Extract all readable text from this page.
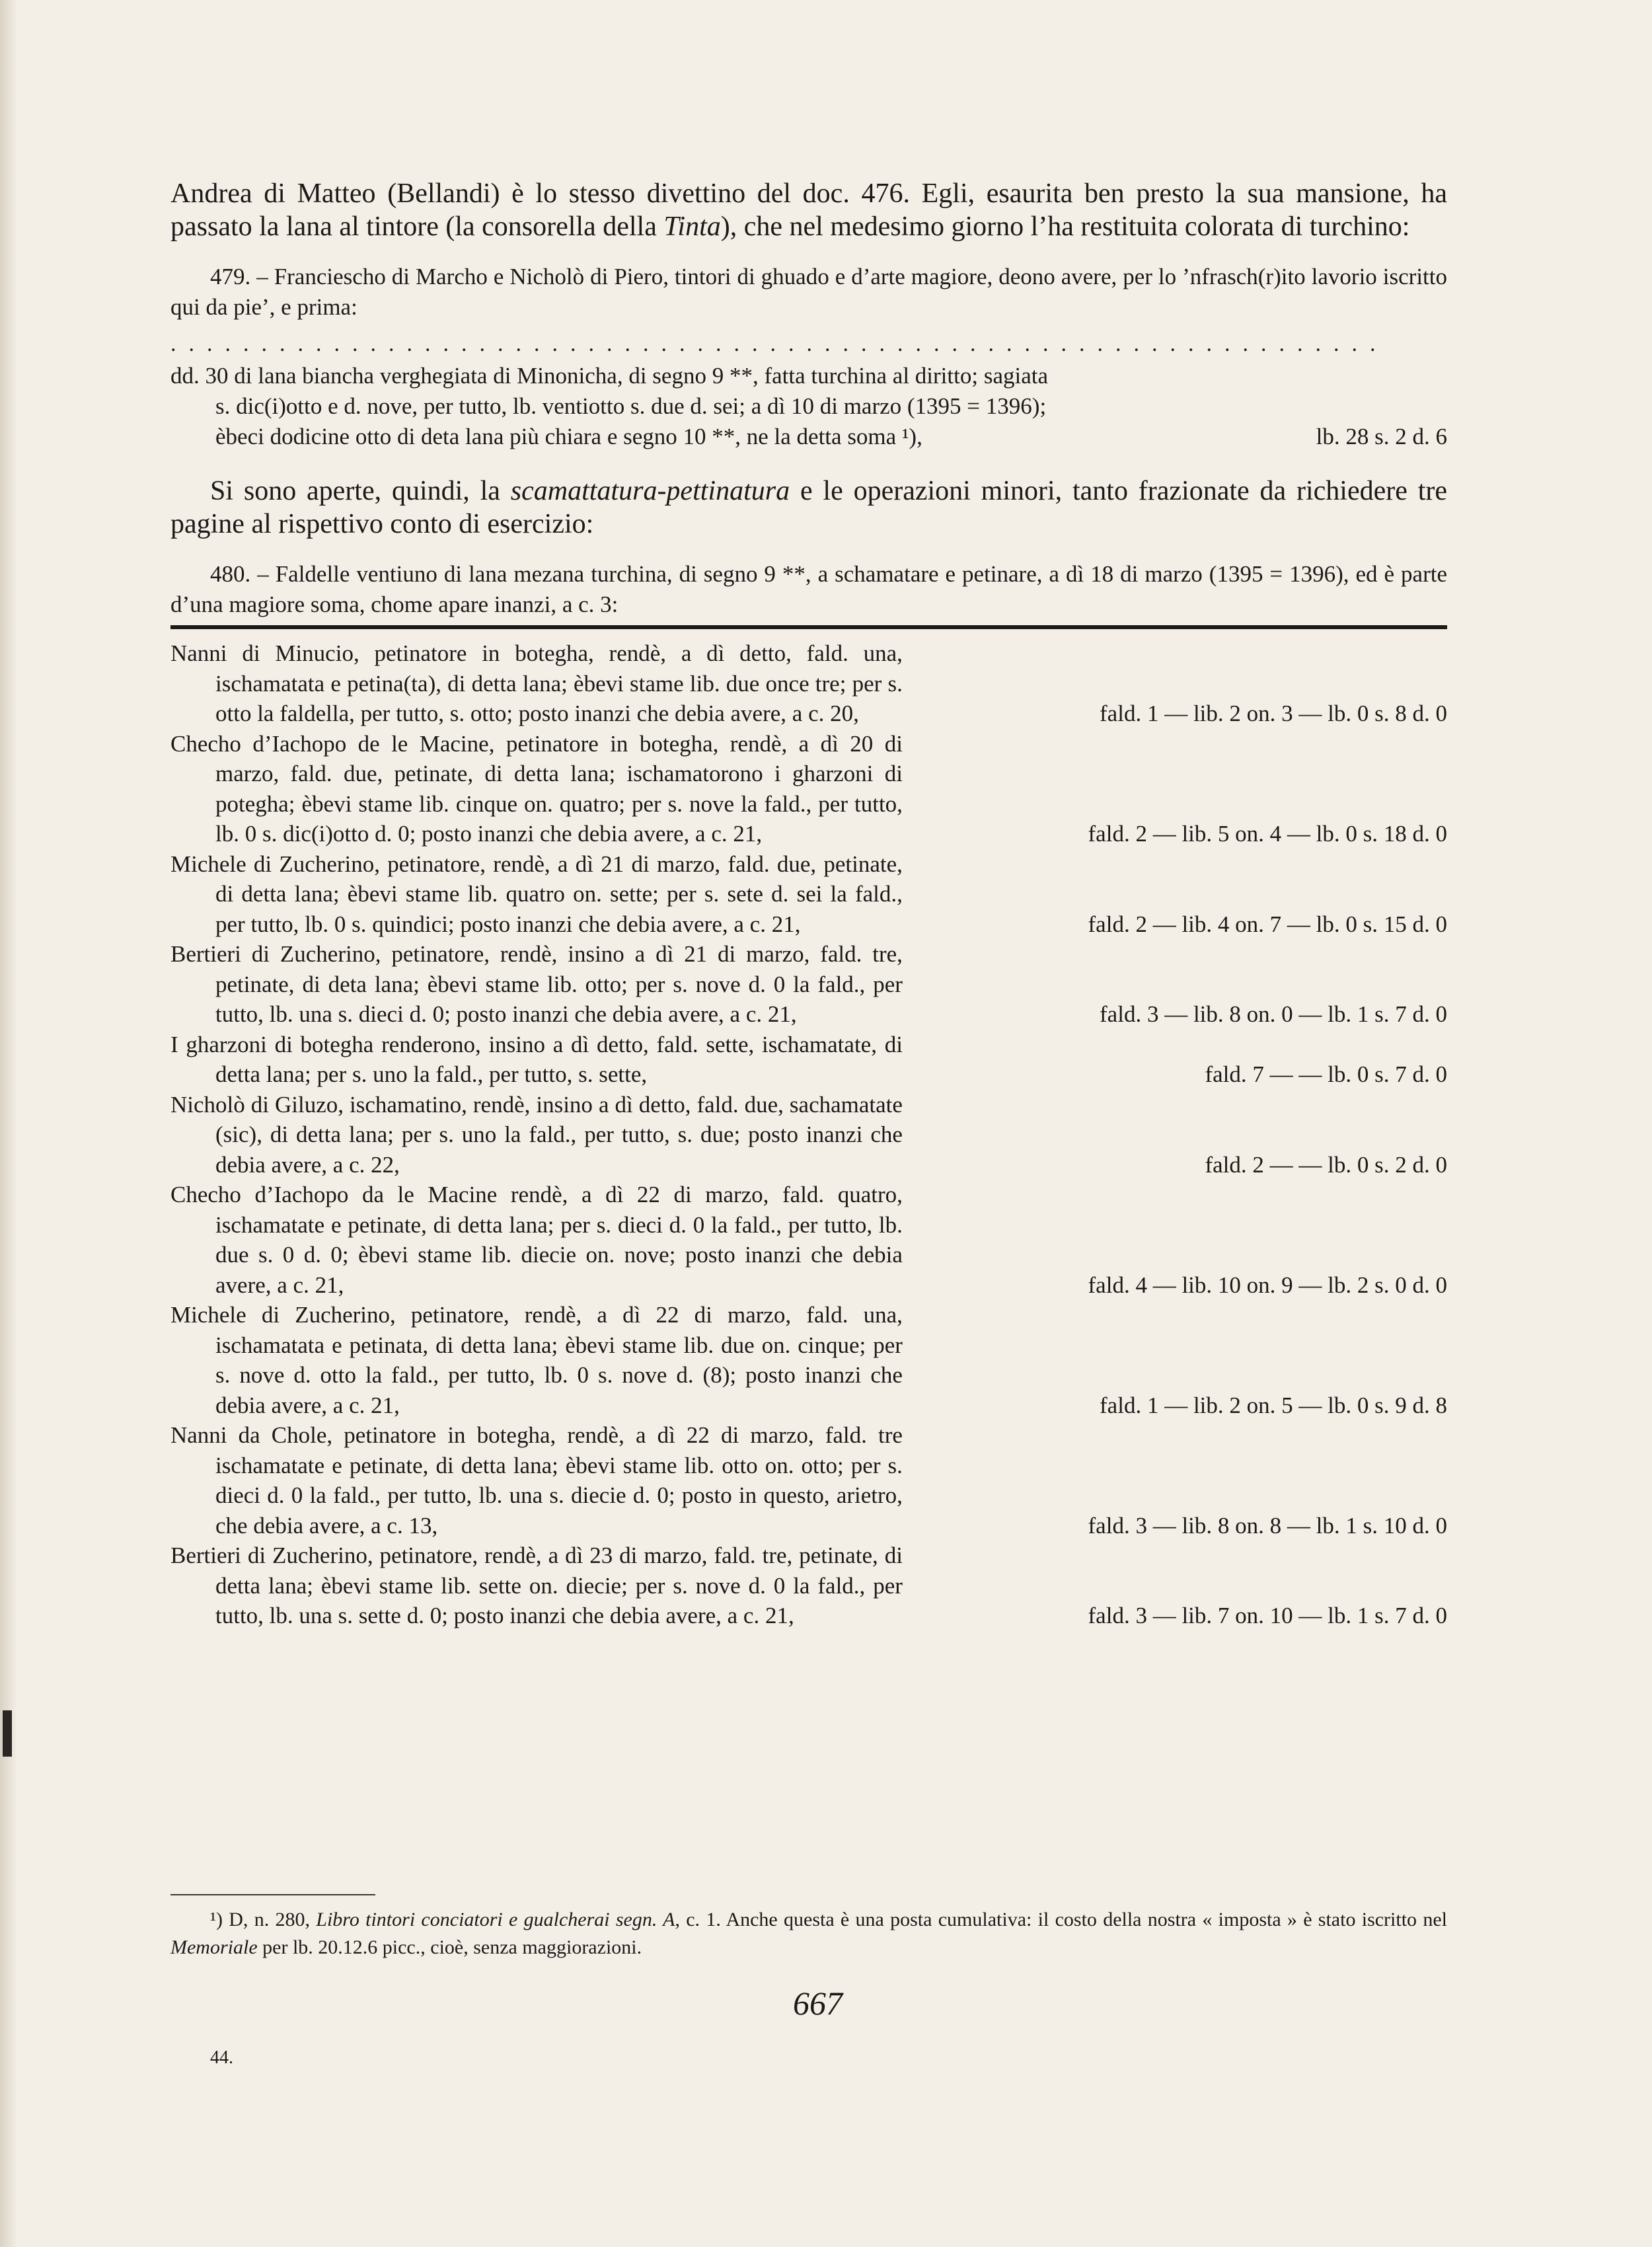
Andrea di Matteo (Bellandi) è lo stesso divettino del doc. 476. Egli, esaurita ben presto la sua mansione, ha passato la lana al tintore (la consorella della Tinta), che nel medesimo giorno l’ha restituita colorata di turchino:

479. – Franciescho di Marcho e Nicholò di Piero, tintori di ghuado e d’arte magiore, deono avere, per lo ’nfrasch(r)ito lavorio iscritto qui da pie’, e prima:

...................................................................
dd. 30 di lana biancha verghegiata di Minonicha, di segno 9 **, fatta turchina al diritto; sagiata
s. dic(i)otto e d. nove, per tutto, lb. ventiotto s. due d. sei; a dì 10 di marzo (1395 = 1396);
èbeci dodicine otto di deta lana più chiara e segno 10 **, ne la detta soma ¹),	lb. 28 s. 2 d. 6

Si sono aperte, quindi, la scamattatura-pettinatura e le operazioni minori, tanto frazionate da richiedere tre pagine al rispettivo conto di esercizio:

480. – Faldelle ventiuno di lana mezana turchina, di segno 9 **, a schamatare e petinare, a dì 18 di marzo (1395 = 1396), ed è parte d’una magiore soma, chome apare inanzi, a c. 3:

Nanni di Minucio, petinatore in botegha, rendè, a dì detto, fald. una, ischamatata e petina(ta), di detta lana; èbevi stame lib. due once tre; per s. otto la faldella, per tutto, s. otto; posto inanzi che debia avere, a c. 20,	fald. 1 — lib. 2 on. 3 — lb. 0 s. 8 d. 0
Checho d’Iachopo de le Macine, petinatore in botegha, rendè, a dì 20 di marzo, fald. due, petinate, di detta lana; ischamatorono i gharzoni di potegha; èbevi stame lib. cinque on. quatro; per s. nove la fald., per tutto, lb. 0 s. dic(i)otto d. 0; posto inanzi che debia avere, a c. 21,	fald. 2 — lib. 5 on. 4 — lb. 0 s. 18 d. 0
Michele di Zucherino, petinatore, rendè, a dì 21 di marzo, fald. due, petinate, di detta lana; èbevi stame lib. quatro on. sette; per s. sete d. sei la fald., per tutto, lb. 0 s. quindici; posto inanzi che debia avere, a c. 21,	fald. 2 — lib. 4 on. 7 — lb. 0 s. 15 d. 0
Bertieri di Zucherino, petinatore, rendè, insino a dì 21 di marzo, fald. tre, petinate, di deta lana; èbevi stame lib. otto; per s. nove d. 0 la fald., per tutto, lb. una s. dieci d. 0; posto inanzi che debia avere, a c. 21,	fald. 3 — lib. 8 on. 0 — lb. 1 s. 7 d. 0
I gharzoni di botegha renderono, insino a dì detto, fald. sette, ischamatate, di detta lana; per s. uno la fald., per tutto, s. sette,	fald. 7 — — lb. 0 s. 7 d. 0
Nicholò di Giluzo, ischamatino, rendè, insino a dì detto, fald. due, sachamatate (sic), di detta lana; per s. uno la fald., per tutto, s. due; posto inanzi che debia avere, a c. 22,	fald. 2 — — lb. 0 s. 2 d. 0
Checho d’Iachopo da le Macine rendè, a dì 22 di marzo, fald. quatro, ischamatate e petinate, di detta lana; per s. dieci d. 0 la fald., per tutto, lb. due s. 0 d. 0; èbevi stame lib. diecie on. nove; posto inanzi che debia avere, a c. 21,	fald. 4 — lib. 10 on. 9 — lb. 2 s. 0 d. 0
Michele di Zucherino, petinatore, rendè, a dì 22 di marzo, fald. una, ischamatata e petinata, di detta lana; èbevi stame lib. due on. cinque; per s. nove d. otto la fald., per tutto, lb. 0 s. nove d. (8); posto inanzi che debia avere, a c. 21,	fald. 1 — lib. 2 on. 5 — lb. 0 s. 9 d. 8
Nanni da Chole, petinatore in botegha, rendè, a dì 22 di marzo, fald. tre ischamatate e petinate, di detta lana; èbevi stame lib. otto on. otto; per s. dieci d. 0 la fald., per tutto, lb. una s. diecie d. 0; posto in questo, arietro, che debia avere, a c. 13,	fald. 3 — lib. 8 on. 8 — lb. 1 s. 10 d. 0
Bertieri di Zucherino, petinatore, rendè, a dì 23 di marzo, fald. tre, petinate, di detta lana; èbevi stame lib. sette on. diecie; per s. nove d. 0 la fald., per tutto, lb. una s. sette d. 0; posto inanzi che debia avere, a c. 21,	fald. 3 — lib. 7 on. 10 — lb. 1 s. 7 d. 0

¹) D, n. 280, Libro tintori conciatori e gualcherai segn. A, c. 1. Anche questa è una posta cumulativa: il costo della nostra « imposta » è stato iscritto nel Memoriale per lb. 20.12.6 picc., cioè, senza maggiorazioni.

667
44.
